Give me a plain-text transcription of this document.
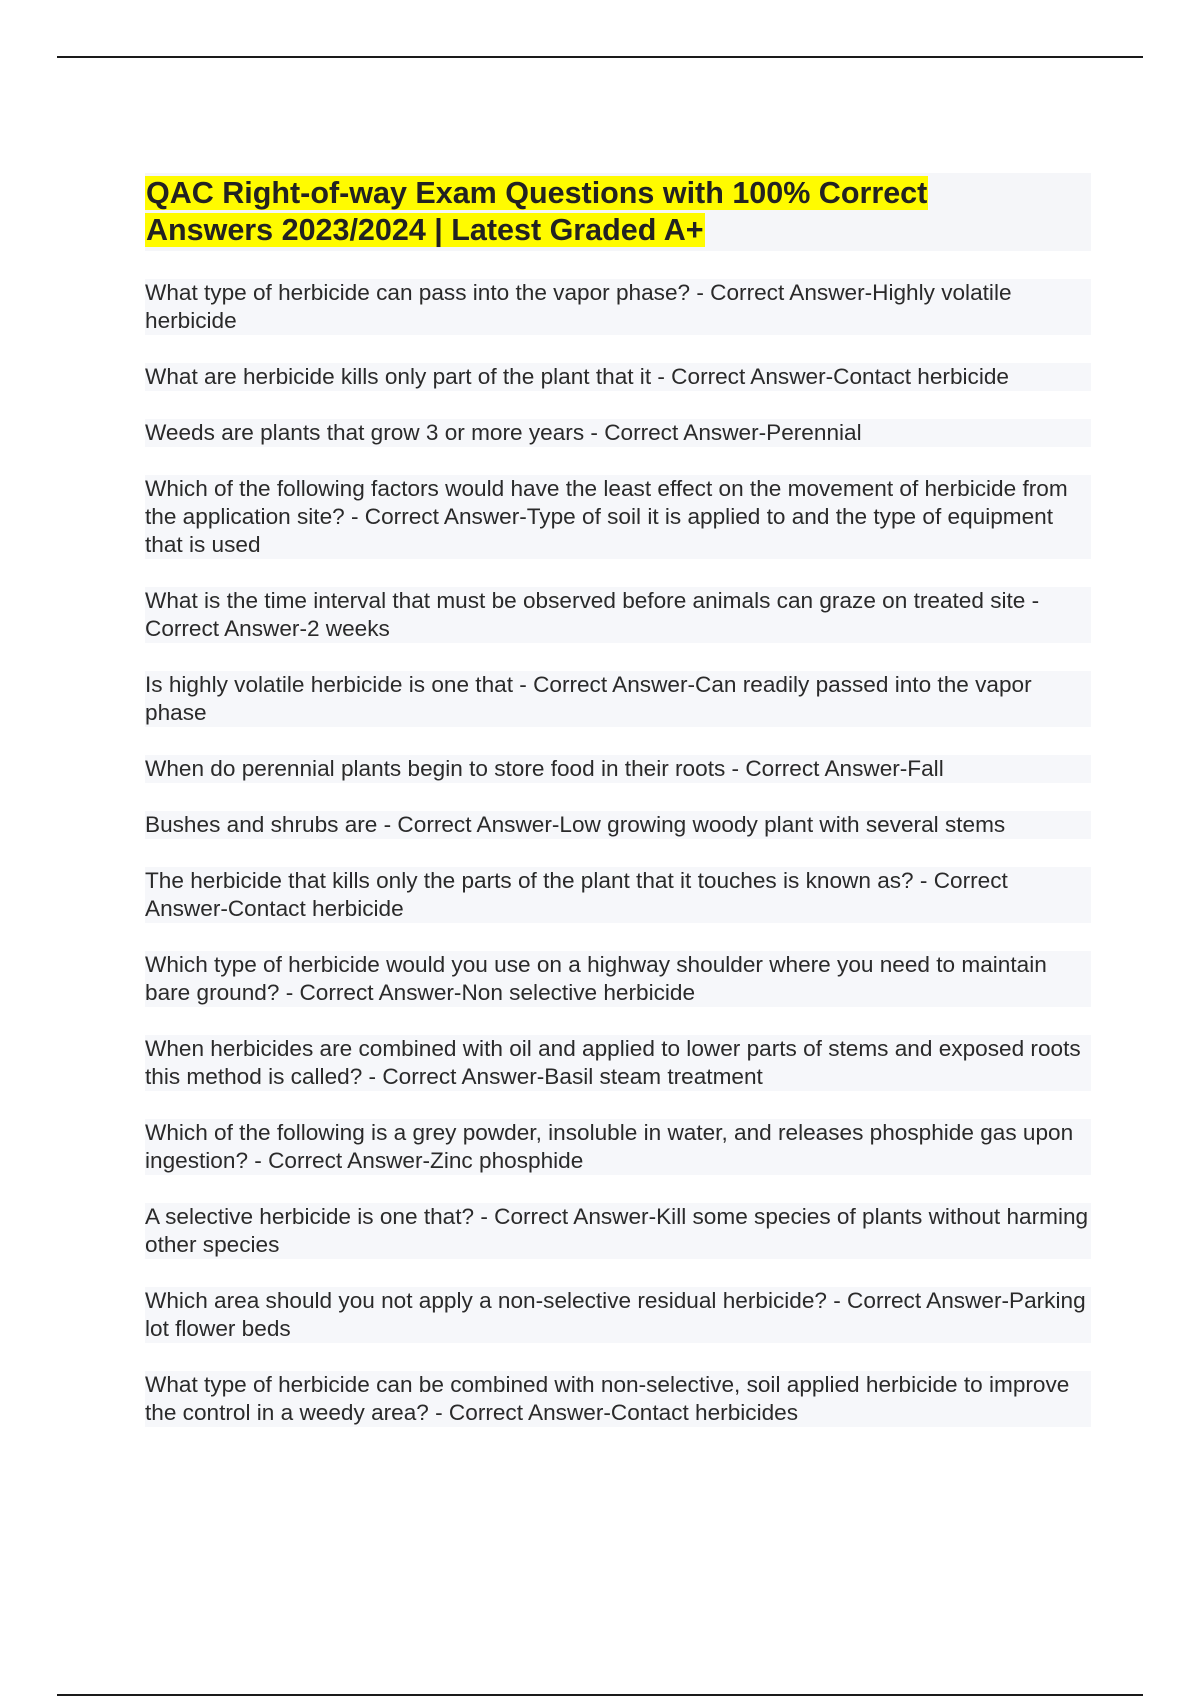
QAC Right-of-way Exam Questions with 100% Correct
Answers 2023/2024 | Latest Graded A+
What type of herbicide can pass into the vapor phase? - Correct Answer-Highly volatile herbicide
What are herbicide kills only part of the plant that it - Correct Answer-Contact herbicide
Weeds are plants that grow 3 or more years - Correct Answer-Perennial
Which of the following factors would have the least effect on the movement of herbicide from the application site? - Correct Answer-Type of soil it is applied to and the type of equipment that is used
What is the time interval that must be observed before animals can graze on treated site - Correct Answer-2 weeks
Is highly volatile herbicide is one that - Correct Answer-Can readily passed into the vapor phase
When do perennial plants begin to store food in their roots - Correct Answer-Fall
Bushes and shrubs are - Correct Answer-Low growing woody plant with several stems
The herbicide that kills only the parts of the plant that it touches is known as? - Correct Answer-Contact herbicide
Which type of herbicide would you use on a highway shoulder where you need to maintain bare ground? - Correct Answer-Non selective herbicide
When herbicides are combined with oil and applied to lower parts of stems and exposed roots this method is called? - Correct Answer-Basil steam treatment
Which of the following is a grey powder, insoluble in water, and releases phosphide gas upon ingestion? - Correct Answer-Zinc phosphide
A selective herbicide is one that? - Correct Answer-Kill some species of plants without harming other species
Which area should you not apply a non-selective residual herbicide? - Correct Answer-Parking lot flower beds
What type of herbicide can be combined with non-selective, soil applied herbicide to improve the control in a weedy area? - Correct Answer-Contact herbicides
